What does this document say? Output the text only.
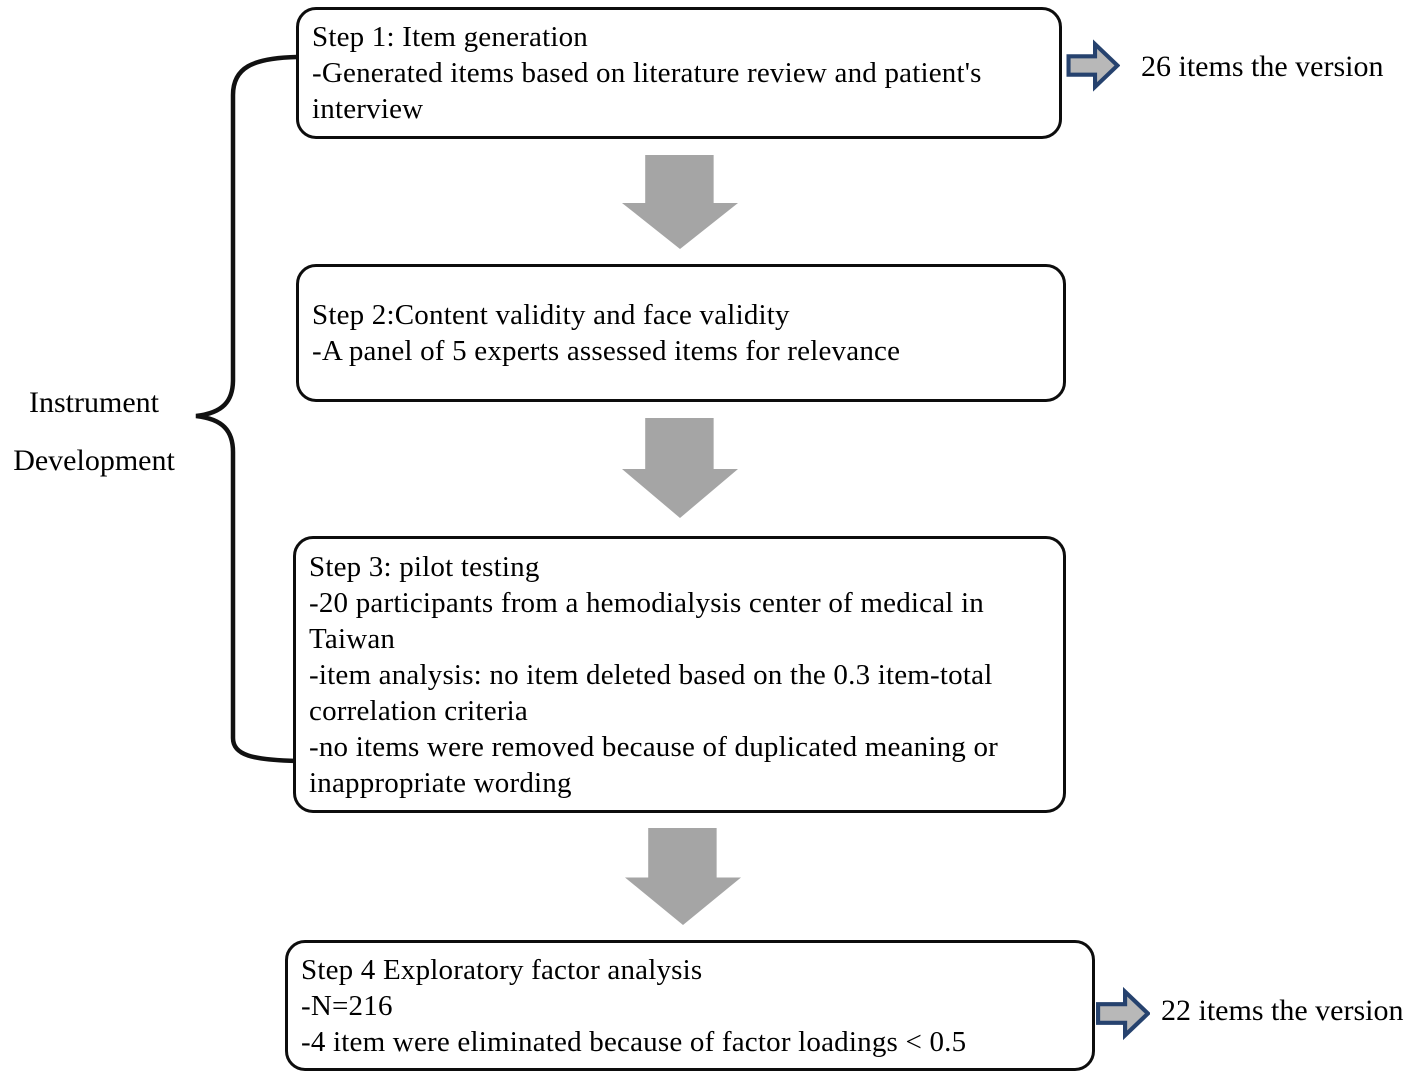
Instrument
Development
Step 1: Item generation
-Generated items based on literature review and patient's interview
Step 2:Content validity and face validity
-A panel of 5 experts assessed items for relevance
Step 3: pilot testing
-20 participants from a hemodialysis center of medical in Taiwan
-item analysis: no item deleted based on the 0.3 item-total correlation criteria
-no items were removed because of duplicated meaning or inappropriate wording
Step 4 Exploratory factor analysis
-N=216
-4 item were eliminated because of factor loadings < 0.5
26 items the version
22 items the version
